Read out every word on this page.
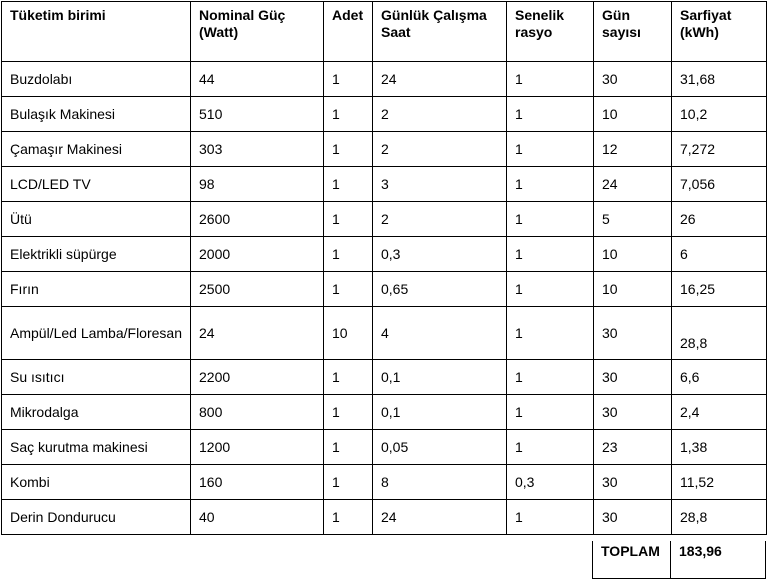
Tüketim birimi	Nominal Güç (Watt)	Adet	Günlük Çalışma Saat	Senelik rasyo	Gün sayısı	Sarfiyat (kWh)
Buzdolabı	44	1	24	1	30	31,68
Bulaşık Makinesi	510	1	2	1	10	10,2
Çamaşır Makinesi	303	1	2	1	12	7,272
LCD/LED TV	98	1	3	1	24	7,056
Ütü	2600	1	2	1	5	26
Elektrikli süpürge	2000	1	0,3	1	10	6
Fırın	2500	1	0,65	1	10	16,25
Ampül/Led Lamba/Floresan	24	10	4	1	30	28,8
Su ısıtıcı	2200	1	0,1	1	30	6,6
Mikrodalga	800	1	0,1	1	30	2,4
Saç kurutma makinesi	1200	1	0,05	1	23	1,38
Kombi	160	1	8	0,3	30	11,52
Derin Dondurucu	40	1	24	1	30	28,8
TOPLAM	183,96
